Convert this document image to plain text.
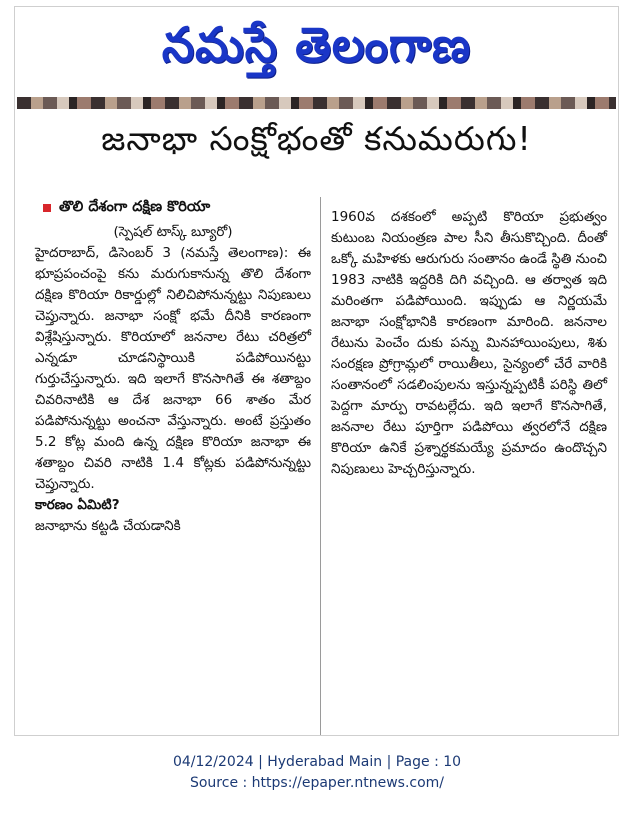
నమస్తే తెలంగాణ
జనాభా సంక్షోభంతో కనుమరుగు!
తొలి దేశంగా దక్షిణ కొరియా
(స్పెషల్ టాస్క్ బ్యూరో)

హైదరాబాద్, డిసెంబర్ 3 (నమస్తే తెలంగాణ): ఈ భూప్రపంచంపై కను మరుగుకానున్న తొలి దేశంగా దక్షిణ కొరియా రికార్డుల్లో నిలిచిపోనున్నట్టు నిపుణులు చెప్తున్నారు. జనాభా సంక్షో భమే దీనికి కారణంగా విశ్లేషిస్తున్నారు. కొరియాలో జననాల రేటు చరిత్రలో ఎన్నడూ చూడనిస్థాయికి పడిపోయినట్టు గుర్తుచేస్తున్నారు. ఇది ఇలాగే కొనసాగితే ఈ శతాబ్దం చివరినాటికి ఆ దేశ జనాభా 66 శాతం మేర పడిపోనున్నట్టు అంచనా వేస్తున్నారు. అంటే ప్రస్తుతం 5.2 కోట్ల మంది ఉన్న దక్షిణ కొరియా జనాభా ఈ శతాబ్దం చివరి నాటికి 1.4 కోట్లకు పడిపోనున్నట్టు చెప్తున్నారు.

కారణం ఏమిటి?

జనాభాను కట్టడి చేయడానికి

1960వ దశకంలో అప్పటి కొరియా ప్రభుత్వం కుటుంబ నియంత్రణ పాల సీని తీసుకొచ్చింది. దీంతో ఒక్కో మహిళకు ఆరుగురు సంతానం ఉండే స్థితి నుంచి 1983 నాటికి ఇద్దరికి దిగి వచ్చింది. ఆ తర్వాత ఇది మరింతగా పడిపోయింది. ఇప్పుడు ఆ నిర్ణయమే జనాభా సంక్షోభానికి కారణంగా మారింది. జననాల రేటును పెంచేం దుకు పన్ను మినహాయింపులు, శిశు సంరక్షణ ప్రోగ్రామ్లలో రాయితీలు, సైన్యంలో చేరే వారికి సంతానంలో సడలింపులను ఇస్తున్నప్పటికీ పరిస్థి తిలో పెద్దగా మార్పు రావటల్లేదు. ఇది ఇలాగే కొనసాగితే, జననాల రేటు పూర్తిగా పడిపోయి త్వరలోనే దక్షిణ కొరియా ఉనికే ప్రశ్నార్థకమయ్యే ప్రమాదం ఉందొచ్చని నిపుణులు హెచ్చరిస్తున్నారు.

04/12/2024 | Hyderabad Main | Page : 10
Source : https://epaper.ntnews.com/
